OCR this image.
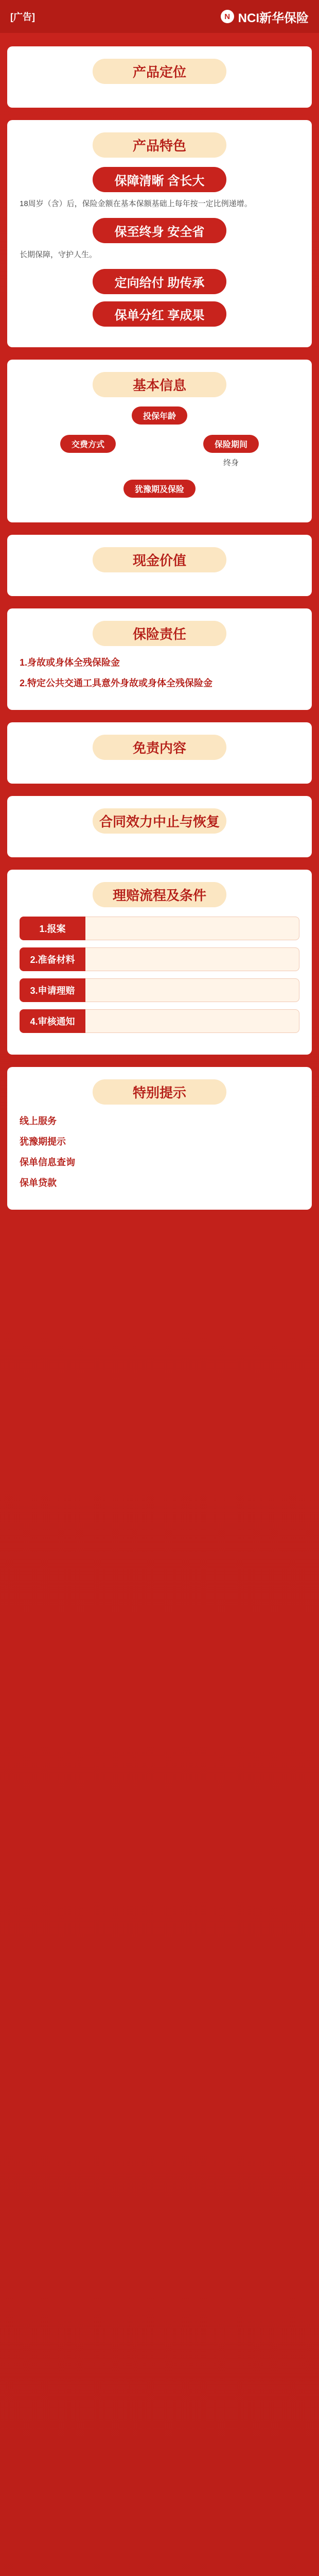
[广告]	N NCI新华保险
产品定位

产品特色
保障清晰 含长大

18周岁（含）后，保险金额在基本保额基础上每年按一定比例递增。

保至终身 安全省

长期保障，守护人生。

定向给付 助传承

保单分红 享成果

基本信息
投保年龄
交费方式	保险期间
终身
犹豫期及保险
现金价值

保险责任
1.身故或身体全残保险金

2.特定公共交通工具意外身故或身体全残保险金

免责内容

合同效力中止与恢复

理赔流程及条件
1.报案
2.准备材料
3.申请理赔
4.审核通知

特别提示
线上服务

犹豫期提示

保单信息查询

保单贷款
